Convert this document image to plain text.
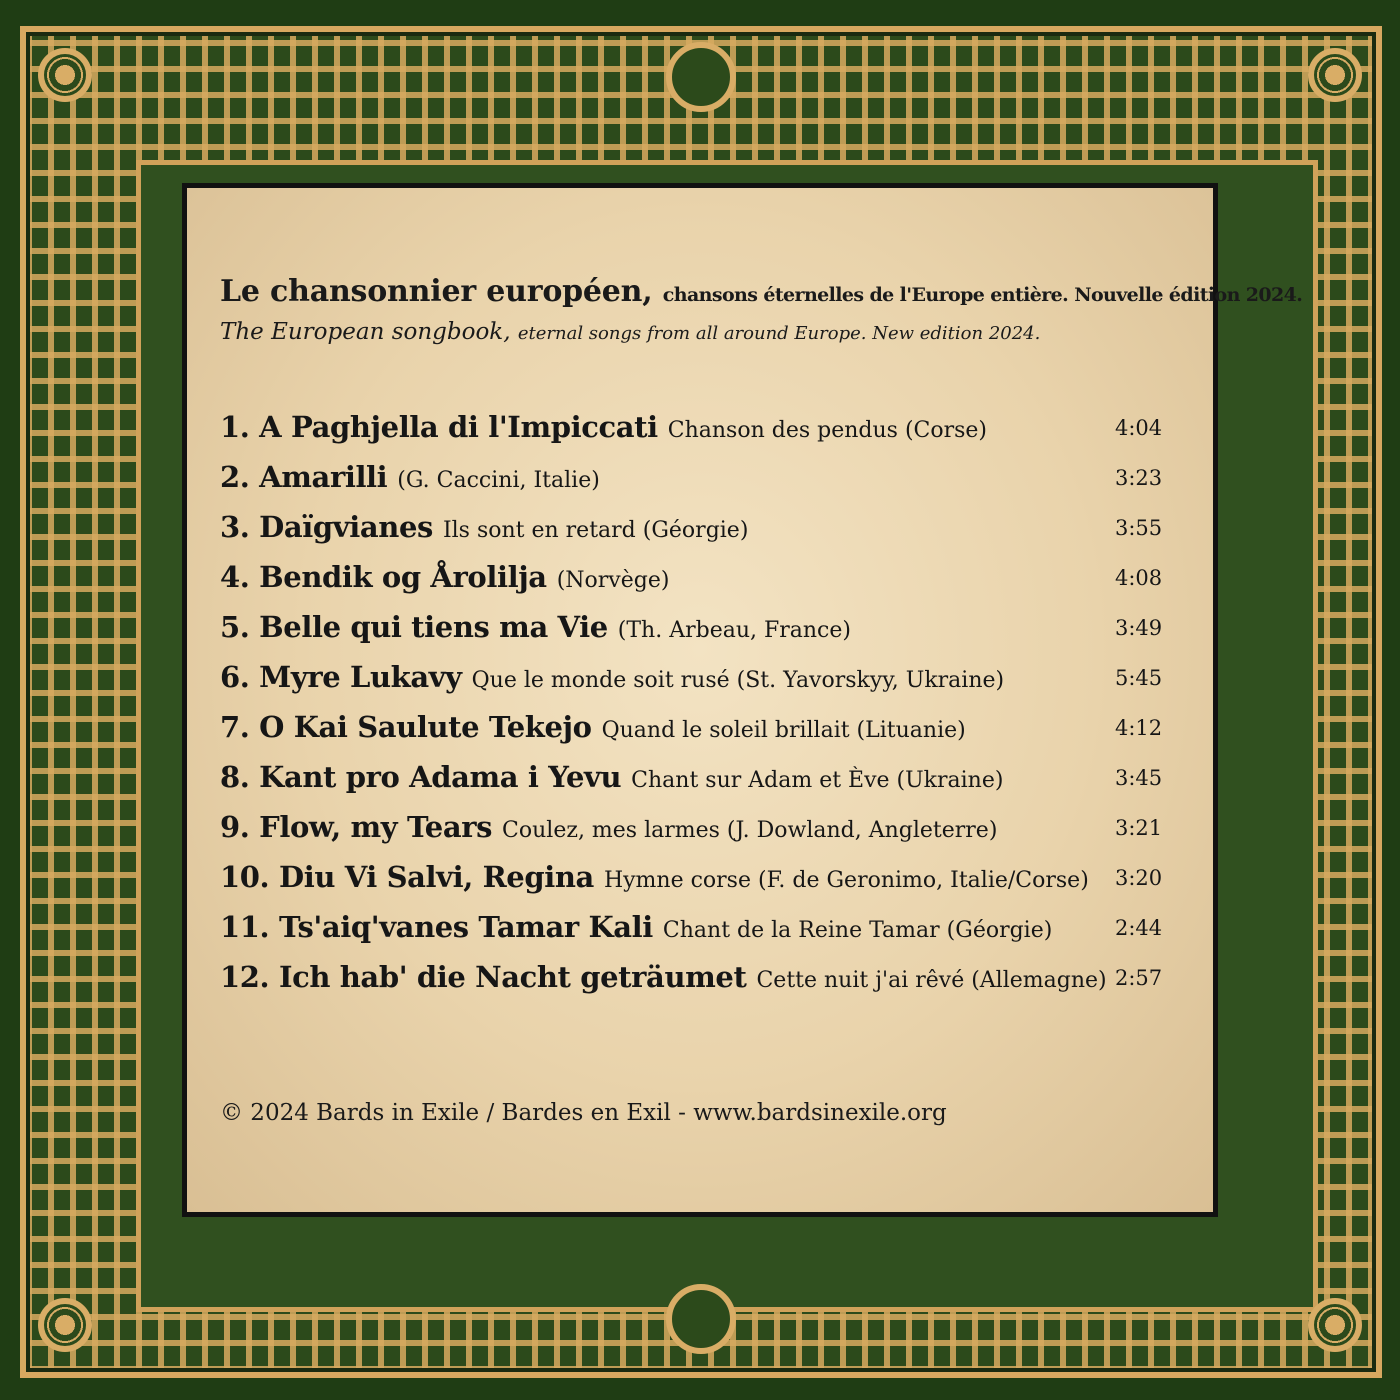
Le chansonnier européen, chansons éternelles de l'Europe entière. Nouvelle édition 2024.
The European songbook, eternal songs from all around Europe. New edition 2024.
1. A Paghjella di l'Impiccati Chanson des pendus (Corse)	4:04
2. Amarilli (G. Caccini, Italie)	3:23
3. Daïgvianes Ils sont en retard (Géorgie)	3:55
4. Bendik og Årolilja (Norvège)	4:08
5. Belle qui tiens ma Vie (Th. Arbeau, France)	3:49
6. Myre Lukavy Que le monde soit rusé (St. Yavorskyy, Ukraine)	5:45
7. O Kai Saulute Tekejo Quand le soleil brillait (Lituanie)	4:12
8. Kant pro Adama i Yevu Chant sur Adam et Ève (Ukraine)	3:45
9. Flow, my Tears Coulez, mes larmes (J. Dowland, Angleterre)	3:21
10. Diu Vi Salvi, Regina Hymne corse (F. de Geronimo, Italie/Corse) 3:20
11. Ts'aiq'vanes Tamar Kali Chant de la Reine Tamar (Géorgie)	2:44
12. Ich hab' die Nacht geträumet Cette nuit j'ai rêvé (Allemagne) 2:57
© 2024 Bards in Exile / Bardes en Exil - www.bardsinexile.org
